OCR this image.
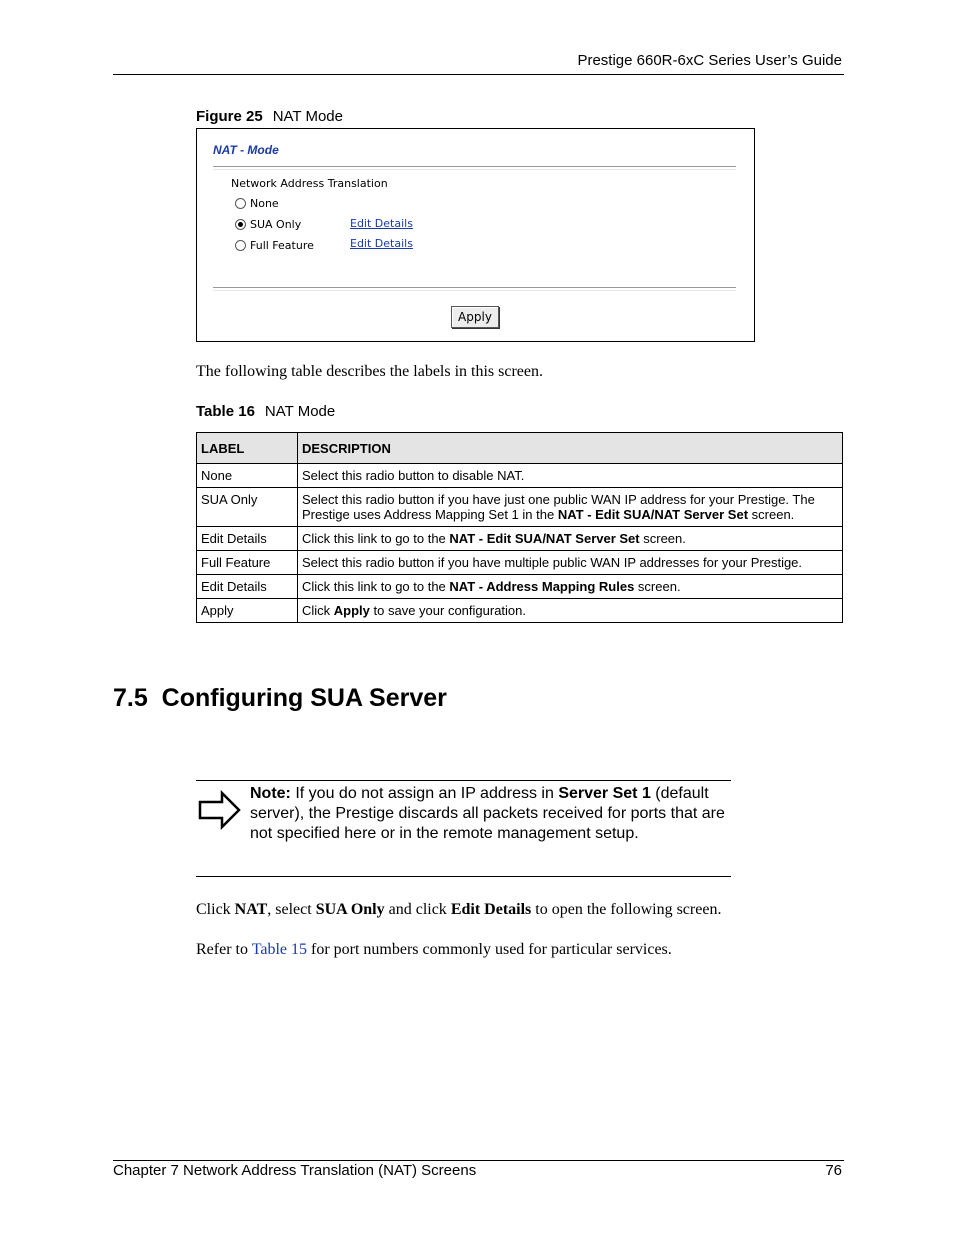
Prestige 660R-6xC Series User’s Guide
Figure 25 NAT Mode
NAT - Mode
Network Address Translation
None
SUA Only
Full Feature
Edit Details
Edit Details
Apply
The following table describes the labels in this screen.
Table 16 NAT Mode
LABEL	DESCRIPTION
None	Select this radio button to disable NAT.
SUA Only	Select this radio button if you have just one public WAN IP address for your Prestige. The Prestige uses Address Mapping Set 1 in the NAT - Edit SUA/NAT Server Set screen.
Edit Details	Click this link to go to the NAT - Edit SUA/NAT Server Set screen.
Full Feature	Select this radio button if you have multiple public WAN IP addresses for your Prestige.
Edit Details	Click this link to go to the NAT - Address Mapping Rules screen.
Apply	Click Apply to save your configuration.
7.5 Configuring SUA Server
Note: If you do not assign an IP address in Server Set 1 (default server), the Prestige discards all packets received for ports that are not specified here or in the remote management setup.
Click NAT, select SUA Only and click Edit Details to open the following screen.
Refer to Table 15 for port numbers commonly used for particular services.
Chapter 7 Network Address Translation (NAT) Screens	76
